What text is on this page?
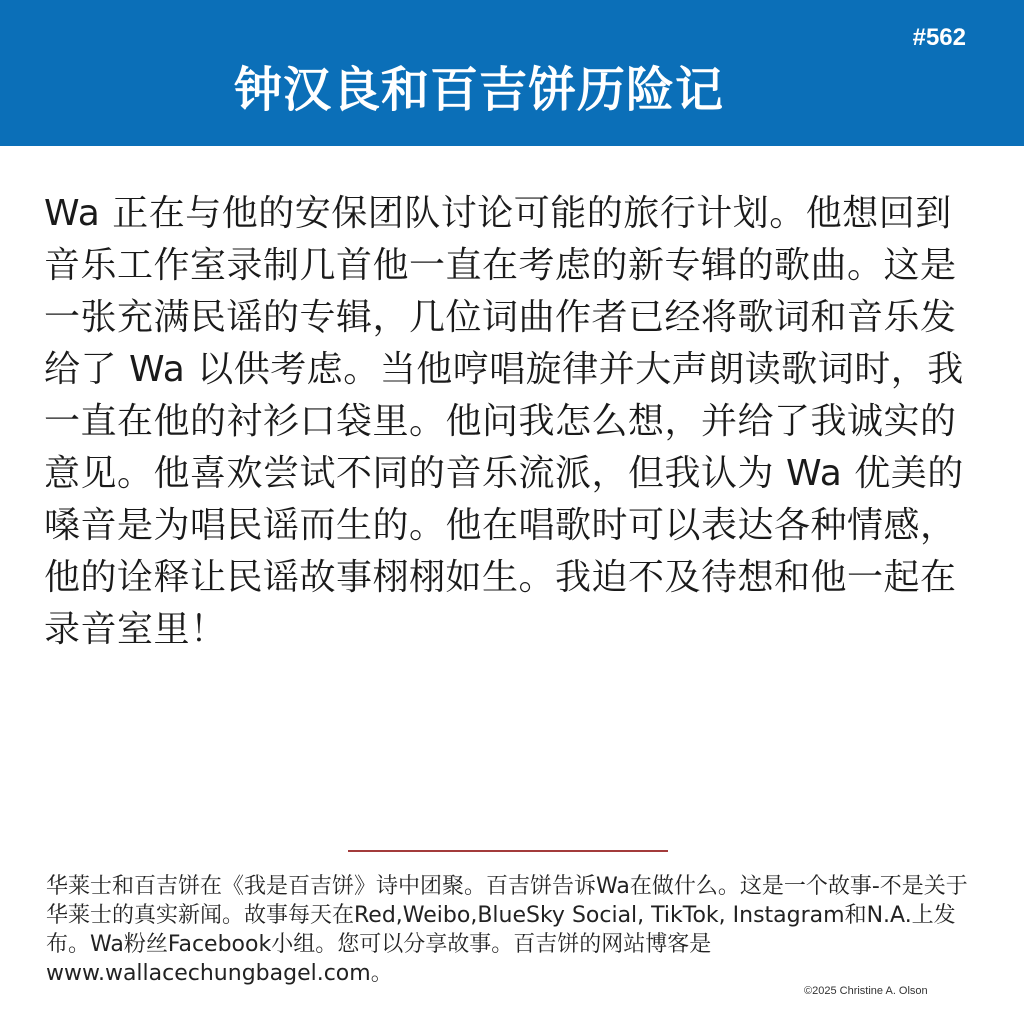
#562
钟汉良和百吉饼历险记

Wa 正在与他的安保团队讨论可能的旅行计划。他想回到音乐工作室录制几首他一直在考虑的新专辑的歌曲。这是一张充满民谣的专辑，几位词曲作者已经将歌词和音乐发给了 Wa 以供考虑。当他哼唱旋律并大声朗读歌词时，我一直在他的衬衫口袋里。他问我怎么想，并给了我诚实的意见。他喜欢尝试不同的音乐流派，但我认为 Wa 优美的嗓音是为唱民谣而生的。他在唱歌时可以表达各种情感，他的诠释让民谣故事栩栩如生。我迫不及待想和他一起在录音室里！

华莱士和百吉饼在《我是百吉饼》诗中团聚。百吉饼告诉Wa在做什么。这是一个故事-不是关于华莱士的真实新闻。故事每天在Red,Weibo,BlueSky Social, TikTok, Instagram和N.A.上发布。Wa粉丝Facebook小组。您可以分享故事。百吉饼的网站博客是www.wallacechungbagel.com。

©2025 Christine A. Olson
